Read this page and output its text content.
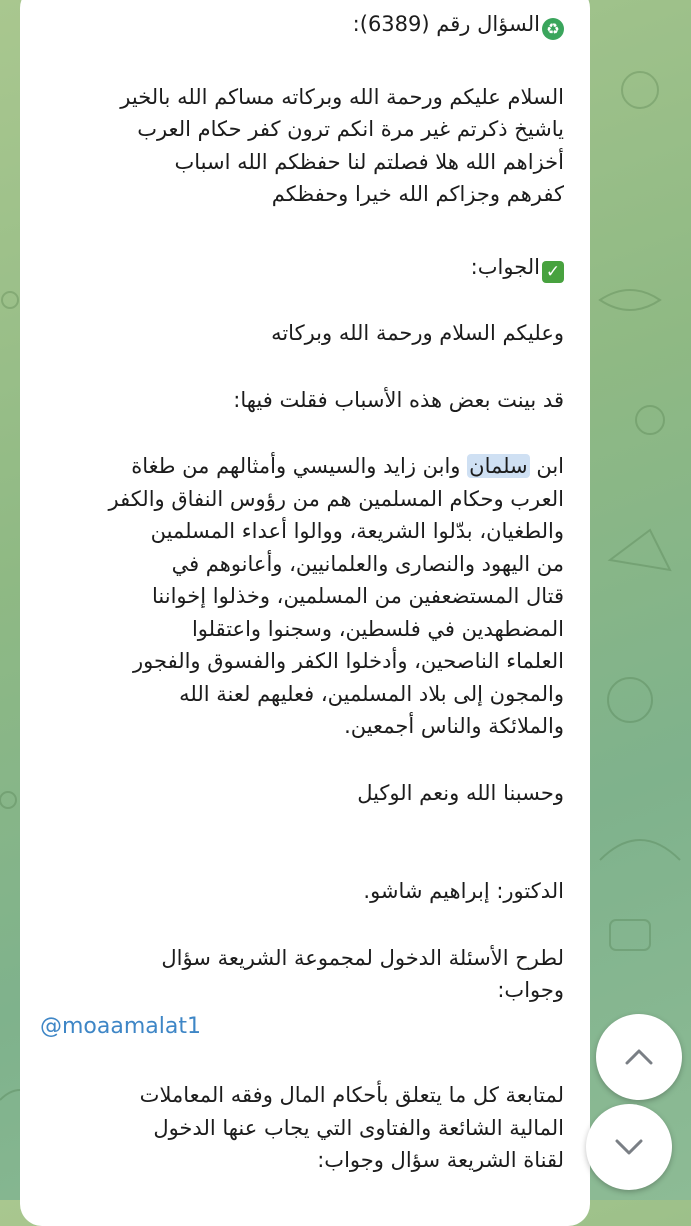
♻السؤال رقم (6389):
السلام عليكم ورحمة الله وبركاته مساكم الله بالخير
ياشيخ ذكرتم غير مرة انكم ترون كفر حكام العرب
أخزاهم الله هلا فصلتم لنا حفظكم الله اسباب
كفرهم وجزاكم الله خيرا وحفظكم
✓الجواب:
وعليكم السلام ورحمة الله وبركاته
قد بينت بعض هذه الأسباب فقلت فيها:
ابن سلمان وابن زايد والسيسي وأمثالهم من طغاة
العرب وحكام المسلمين هم من رؤوس النفاق والكفر
والطغيان، بدّلوا الشريعة، ووالوا أعداء المسلمين
من اليهود والنصارى والعلمانيين، وأعانوهم في
قتال المستضعفين من المسلمين، وخذلوا إخواننا
المضطهدين في فلسطين، وسجنوا واعتقلوا
العلماء الناصحين، وأدخلوا الكفر والفسوق والفجور
والمجون إلى بلاد المسلمين، فعليهم لعنة الله
والملائكة والناس أجمعين.
وحسبنا الله ونعم الوكيل
الدكتور: إبراهيم شاشو.
لطرح الأسئلة الدخول لمجموعة الشريعة سؤال
وجواب:
@moaamalat1
لمتابعة كل ما يتعلق بأحكام المال وفقه المعاملات
المالية الشائعة والفتاوى التي يجاب عنها الدخول
لقناة الشريعة سؤال وجواب:
